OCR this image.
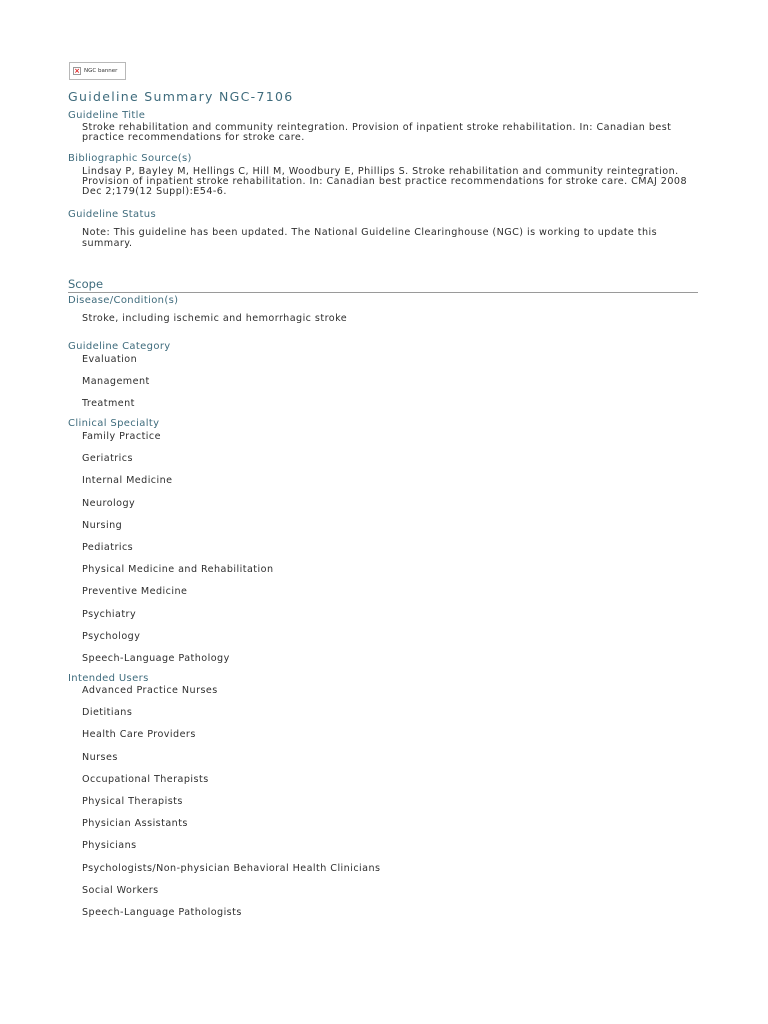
× NGC banner
Guideline Summary NGC-7106
Guideline Title
Stroke rehabilitation and community reintegration. Provision of inpatient stroke rehabilitation. In: Canadian best
practice recommendations for stroke care.
Bibliographic Source(s)
Lindsay P, Bayley M, Hellings C, Hill M, Woodbury E, Phillips S. Stroke rehabilitation and community reintegration.
Provision of inpatient stroke rehabilitation. In: Canadian best practice recommendations for stroke care. CMAJ 2008
Dec 2;179(12 Suppl):E54-6.
Guideline Status
Note: This guideline has been updated. The National Guideline Clearinghouse (NGC) is working to update this
summary.
Scope
Disease/Condition(s)
Stroke, including ischemic and hemorrhagic stroke
Guideline Category
Evaluation
Management
Treatment
Clinical Specialty
Family Practice
Geriatrics
Internal Medicine
Neurology
Nursing
Pediatrics
Physical Medicine and Rehabilitation
Preventive Medicine
Psychiatry
Psychology
Speech-Language Pathology
Intended Users
Advanced Practice Nurses
Dietitians
Health Care Providers
Nurses
Occupational Therapists
Physical Therapists
Physician Assistants
Physicians
Psychologists/Non-physician Behavioral Health Clinicians
Social Workers
Speech-Language Pathologists
